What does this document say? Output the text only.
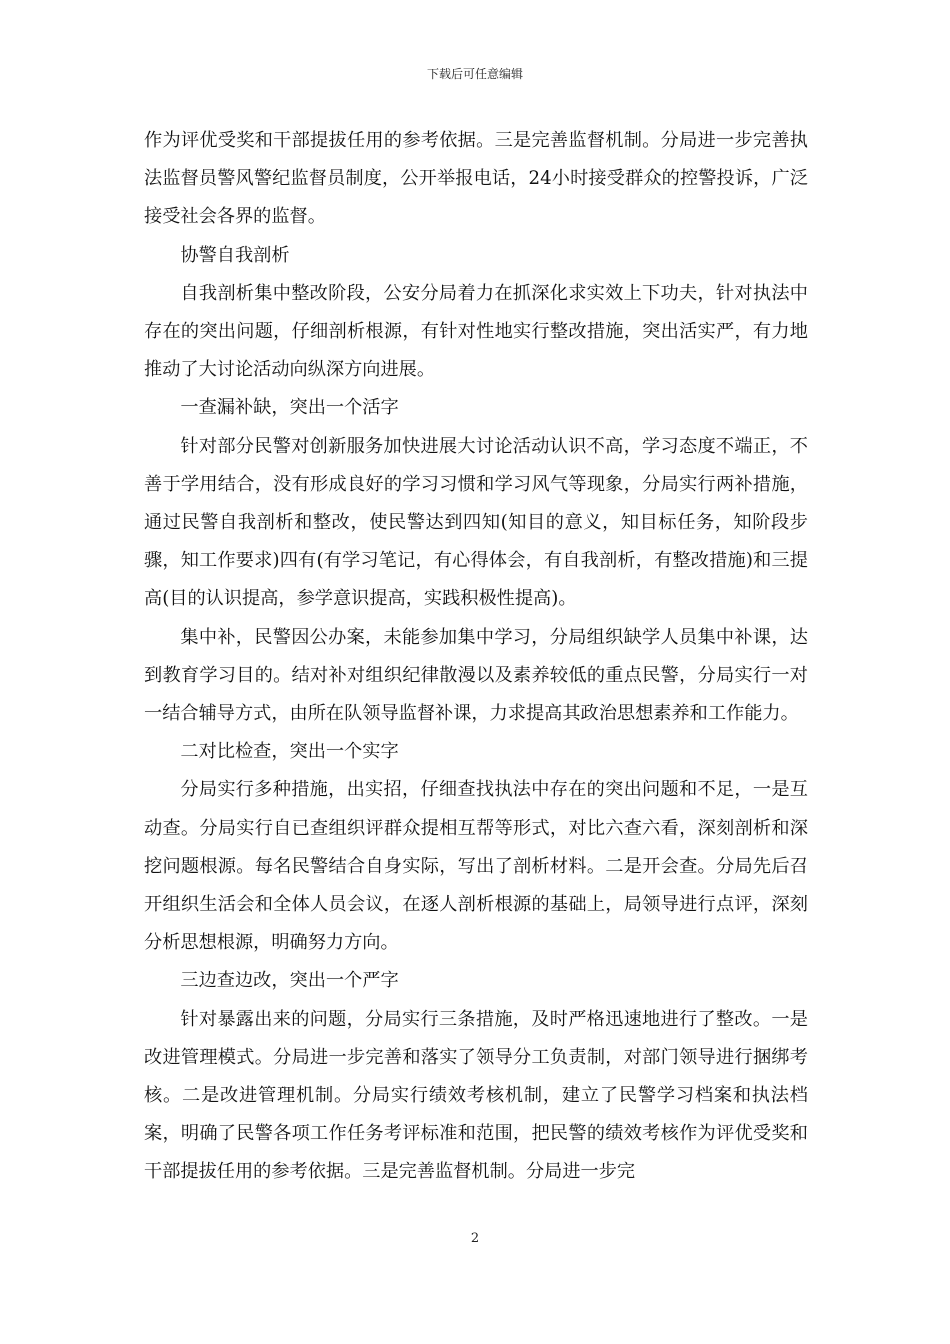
下载后可任意编辑

作为评优受奖和干部提拔任用的参考依据。三是完善监督机制。分局进一步完善执法监督员警风警纪监督员制度，公开举报电话，24小时接受群众的控警投诉，广泛接受社会各界的监督。

协警自我剖析

自我剖析集中整改阶段，公安分局着力在抓深化求实效上下功夫，针对执法中存在的突出问题，仔细剖析根源，有针对性地实行整改措施，突出活实严，有力地推动了大讨论活动向纵深方向进展。

一查漏补缺，突出一个活字

针对部分民警对创新服务加快进展大讨论活动认识不高，学习态度不端正，不善于学用结合，没有形成良好的学习习惯和学习风气等现象，分局实行两补措施，通过民警自我剖析和整改，使民警达到四知(知目的意义，知目标任务，知阶段步骤，知工作要求)四有(有学习笔记，有心得体会，有自我剖析，有整改措施)和三提高(目的认识提高，参学意识提高，实践积极性提高)。

集中补，民警因公办案，未能参加集中学习，分局组织缺学人员集中补课，达到教育学习目的。结对补对组织纪律散漫以及素养较低的重点民警，分局实行一对一结合辅导方式，由所在队领导监督补课，力求提高其政治思想素养和工作能力。

二对比检查，突出一个实字

分局实行多种措施，出实招，仔细查找执法中存在的突出问题和不足，一是互动查。分局实行自已查组织评群众提相互帮等形式，对比六查六看，深刻剖析和深挖问题根源。每名民警结合自身实际，写出了剖析材料。二是开会查。分局先后召开组织生活会和全体人员会议，在逐人剖析根源的基础上，局领导进行点评，深刻分析思想根源，明确努力方向。

三边查边改，突出一个严字

针对暴露出来的问题，分局实行三条措施，及时严格迅速地进行了整改。一是改进管理模式。分局进一步完善和落实了领导分工负责制，对部门领导进行捆绑考核。二是改进管理机制。分局实行绩效考核机制，建立了民警学习档案和执法档案，明确了民警各项工作任务考评标准和范围，把民警的绩效考核作为评优受奖和干部提拔任用的参考依据。三是完善监督机制。分局进一步完

2
